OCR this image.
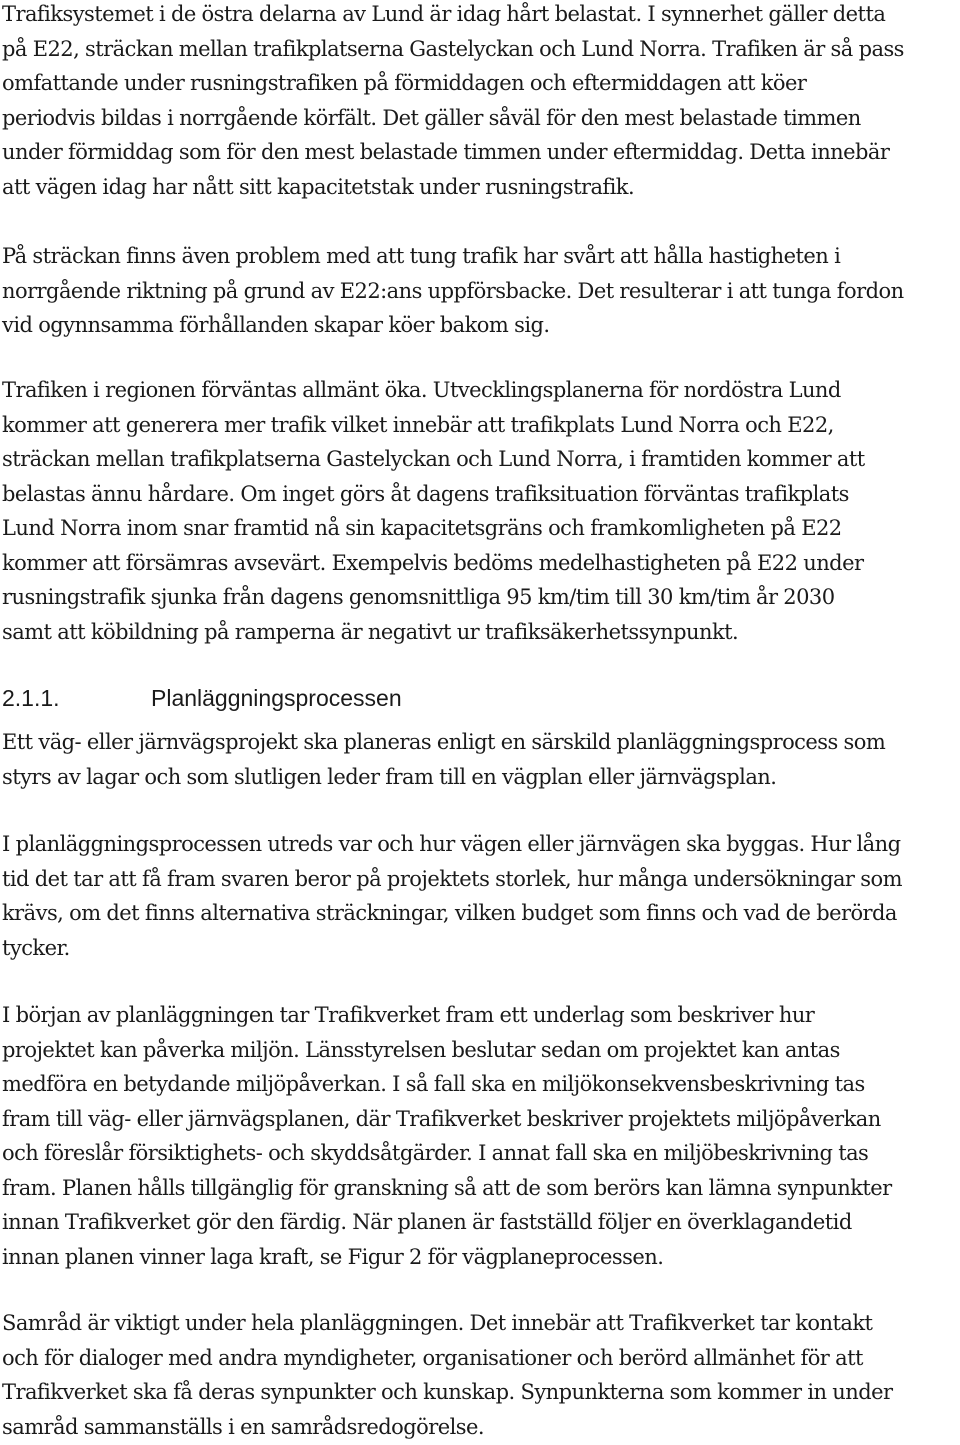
Trafiksystemet i de östra delarna av Lund är idag hårt belastat. I synnerhet gäller detta
på E22, sträckan mellan trafikplatserna Gastelyckan och Lund Norra. Trafiken är så pass
omfattande under rusningstrafiken på förmiddagen och eftermiddagen att köer
periodvis bildas i norrgående körfält. Det gäller såväl för den mest belastade timmen
under förmiddag som för den mest belastade timmen under eftermiddag. Detta innebär
att vägen idag har nått sitt kapacitetstak under rusningstrafik.
På sträckan finns även problem med att tung trafik har svårt att hålla hastigheten i
norrgående riktning på grund av E22:ans uppförsbacke. Det resulterar i att tunga fordon
vid ogynnsamma förhållanden skapar köer bakom sig.
Trafiken i regionen förväntas allmänt öka. Utvecklingsplanerna för nordöstra Lund
kommer att generera mer trafik vilket innebär att trafikplats Lund Norra och E22,
sträckan mellan trafikplatserna Gastelyckan och Lund Norra, i framtiden kommer att
belastas ännu hårdare. Om inget görs åt dagens trafiksituation förväntas trafikplats
Lund Norra inom snar framtid nå sin kapacitetsgräns och framkomligheten på E22
kommer att försämras avsevärt. Exempelvis bedöms medelhastigheten på E22 under
rusningstrafik sjunka från dagens genomsnittliga 95 km/tim till 30 km/tim år 2030
samt att köbildning på ramperna är negativt ur trafiksäkerhetssynpunkt.
2.1.1.	Planläggningsprocessen
Ett väg- eller järnvägsprojekt ska planeras enligt en särskild planläggningsprocess som
styrs av lagar och som slutligen leder fram till en vägplan eller järnvägsplan.
I planläggningsprocessen utreds var och hur vägen eller järnvägen ska byggas. Hur lång
tid det tar att få fram svaren beror på projektets storlek, hur många undersökningar som
krävs, om det finns alternativa sträckningar, vilken budget som finns och vad de berörda
tycker.
I början av planläggningen tar Trafikverket fram ett underlag som beskriver hur
projektet kan påverka miljön. Länsstyrelsen beslutar sedan om projektet kan antas
medföra en betydande miljöpåverkan. I så fall ska en miljökonsekvensbeskrivning tas
fram till väg- eller järnvägsplanen, där Trafikverket beskriver projektets miljöpåverkan
och föreslår försiktighets- och skyddsåtgärder. I annat fall ska en miljöbeskrivning tas
fram. Planen hålls tillgänglig för granskning så att de som berörs kan lämna synpunkter
innan Trafikverket gör den färdig. När planen är fastställd följer en överklagandetid
innan planen vinner laga kraft, se Figur 2 för vägplaneprocessen.
Samråd är viktigt under hela planläggningen. Det innebär att Trafikverket tar kontakt
och för dialoger med andra myndigheter, organisationer och berörd allmänhet för att
Trafikverket ska få deras synpunkter och kunskap. Synpunkterna som kommer in under
samråd sammanställs i en samrådsredogörelse.
